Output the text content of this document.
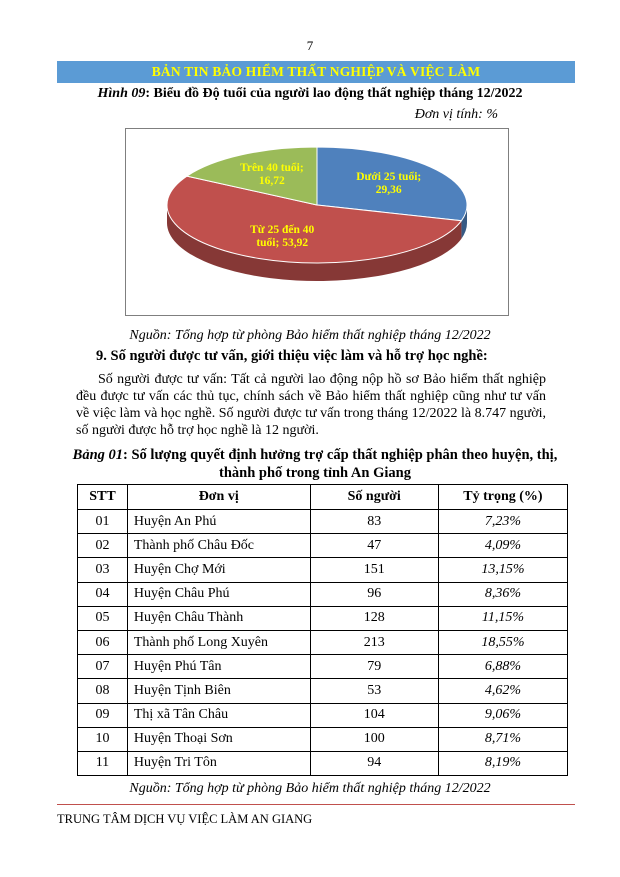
7
BẢN TIN BẢO HIỂM THẤT NGHIỆP VÀ VIỆC LÀM
Hình 09: Biểu đồ Độ tuổi của người lao động thất nghiệp tháng 12/2022
Đơn vị tính: %
Dưới 25 tuổi; 29,36
Từ 25 đến 40 tuổi; 53,92
Trên 40 tuổi; 16,72
Nguồn: Tổng hợp từ phòng Bảo hiểm thất nghiệp tháng 12/2022
9. Số người được tư vấn, giới thiệu việc làm và hỗ trợ học nghề:
Số người được tư vấn: Tất cả người lao động nộp hồ sơ Bảo hiểm thất nghiệp đều được tư vấn các thủ tục, chính sách về Bảo hiểm thất nghiệp cũng như tư vấn về việc làm và học nghề. Số người được tư vấn trong tháng 12/2022 là 8.747 người, số người được hỗ trợ học nghề là 12 người.
Bảng 01: Số lượng quyết định hưởng trợ cấp thất nghiệp phân theo huyện, thị,
thành phố trong tỉnh An Giang
STT	Đơn vị	Số người	Tỷ trọng (%)
01	Huyện An Phú	83	7,23%
02	Thành phố Châu Đốc	47	4,09%
03	Huyện Chợ Mới	151	13,15%
04	Huyện Châu Phú	96	8,36%
05	Huyện Châu Thành	128	11,15%
06	Thành phố Long Xuyên	213	18,55%
07	Huyện Phú Tân	79	6,88%
08	Huyện Tịnh Biên	53	4,62%
09	Thị xã Tân Châu	104	9,06%
10	Huyện Thoại Sơn	100	8,71%
11	Huyện Tri Tôn	94	8,19%
Nguồn: Tổng hợp từ phòng Bảo hiểm thất nghiệp tháng 12/2022
TRUNG TÂM DỊCH VỤ VIỆC LÀM AN GIANG
